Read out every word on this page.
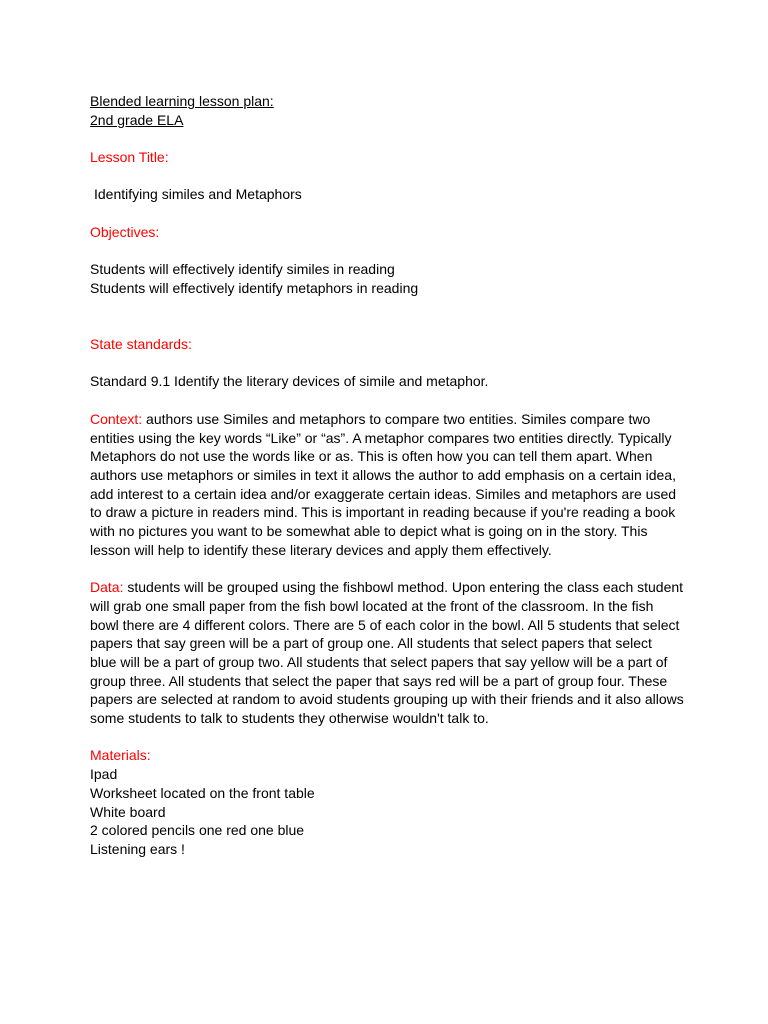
Blended learning lesson plan:
2nd grade ELA
Lesson Title:
Identifying similes and Metaphors
Objectives:
Students will effectively identify similes in reading
Students will effectively identify metaphors in reading
State standards:
Standard 9.1 Identify the literary devices of simile and metaphor.
Context: authors use Similes and metaphors to compare two entities. Similes compare two
entities using the key words “Like” or “as”. A metaphor compares two entities directly. Typically
Metaphors do not use the words like or as. This is often how you can tell them apart. When
authors use metaphors or similes in text it allows the author to add emphasis on a certain idea,
add interest to a certain idea and/or exaggerate certain ideas. Similes and metaphors are used
to draw a picture in readers mind. This is important in reading because if you're reading a book
with no pictures you want to be somewhat able to depict what is going on in the story. This
lesson will help to identify these literary devices and apply them effectively.
Data: students will be grouped using the fishbowl method. Upon entering the class each student
will grab one small paper from the fish bowl located at the front of the classroom. In the fish
bowl there are 4 different colors. There are 5 of each color in the bowl. All 5 students that select
papers that say green will be a part of group one. All students that select papers that select
blue will be a part of group two. All students that select papers that say yellow will be a part of
group three. All students that select the paper that says red will be a part of group four. These
papers are selected at random to avoid students grouping up with their friends and it also allows
some students to talk to students they otherwise wouldn't talk to.
Materials:
Ipad
Worksheet located on the front table
White board
2 colored pencils one red one blue
Listening ears !
